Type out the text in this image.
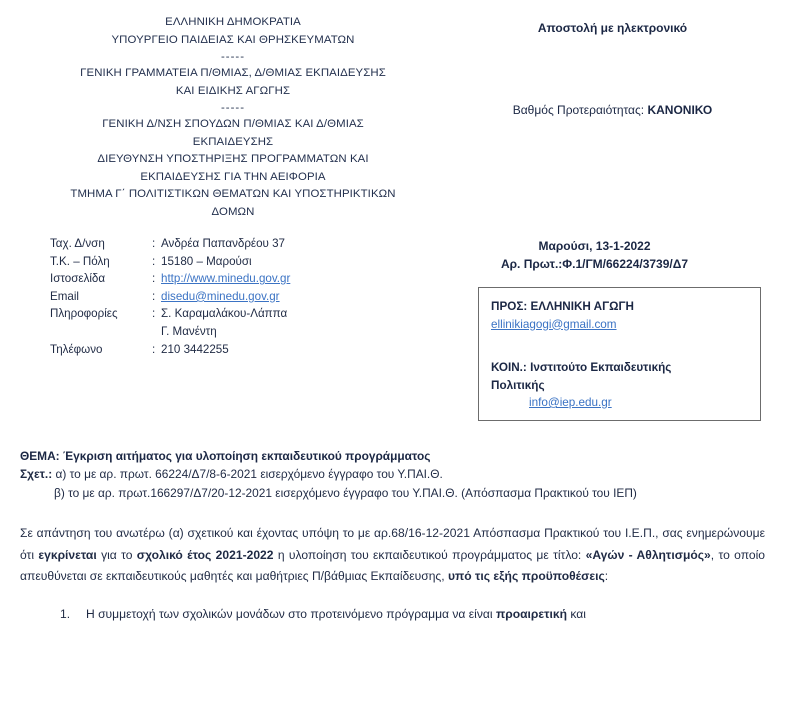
ΕΛΛΗΝΙΚΗ ΔΗΜΟΚΡΑΤΙΑ
ΥΠΟΥΡΓΕΙΟ ΠΑΙΔΕΙΑΣ ΚΑΙ ΘΡΗΣΚΕΥΜΑΤΩΝ
-----
ΓΕΝΙΚΗ ΓΡΑΜΜΑΤΕΙΑ Π/ΘΜΙΑΣ, Δ/ΘΜΙΑΣ ΕΚΠΑΙΔΕΥΣΗΣ
ΚΑΙ ΕΙΔΙΚΗΣ ΑΓΩΓΗΣ
-----
ΓΕΝΙΚΗ Δ/ΝΣΗ ΣΠΟΥΔΩΝ Π/ΘΜΙΑΣ ΚΑΙ Δ/ΘΜΙΑΣ
ΕΚΠΑΙΔΕΥΣΗΣ
ΔΙΕΥΘΥΝΣΗ ΥΠΟΣΤΗΡΙΞΗΣ ΠΡΟΓΡΑΜΜΑΤΩΝ ΚΑΙ
ΕΚΠΑΙΔΕΥΣΗΣ ΓΙΑ ΤΗΝ ΑΕΙΦΟΡΙΑ
ΤΜΗΜΑ Γ΄ ΠΟΛΙΤΙΣΤΙΚΩΝ ΘΕΜΑΤΩΝ ΚΑΙ ΥΠΟΣΤΗΡΙΚΤΙΚΩΝ
ΔΟΜΩΝ
Αποστολή με ηλεκτρονικό
Βαθμός Προτεραιότητας: ΚΑΝΟΝΙΚΟ
Ταχ. Δ/νση	: Ανδρέα Παπανδρέου 37
Τ.Κ. – Πόλη	: 15180 – Μαρούσι
Ιστοσελίδα	: http://www.minedu.gov.gr
Email	: disedu@minedu.gov.gr
Πληροφορίες	: Σ. Καραμαλάκου-Λάππα
Γ. Μανέντη
Τηλέφωνο	: 210 3442255
Μαρούσι, 13-1-2022
Αρ. Πρωτ.:Φ.1/ΓΜ/66224/3739/Δ7
ΠΡΟΣ: ΕΛΛΗΝΙΚΗ ΑΓΩΓΗ
ellinikiagogi@gmail.com
ΚΟΙΝ.: Ινστιτούτο Εκπαιδευτικής
Πολιτικής
info@iep.edu.gr
ΘΕΜΑ: Έγκριση αιτήματος για υλοποίηση εκπαιδευτικού προγράμματος
Σχετ.: α) το με αρ. πρωτ. 66224/Δ7/8-6-2021 εισερχόμενο έγγραφο του Υ.ΠΑΙ.Θ.
β) το με αρ. πρωτ.166297/Δ7/20-12-2021 εισερχόμενο έγγραφο του Υ.ΠΑΙ.Θ. (Απόσπασμα Πρακτικού του ΙΕΠ)
Σε απάντηση του ανωτέρω (α) σχετικού και έχοντας υπόψη το με αρ.68/16-12-2021 Απόσπασμα Πρακτικού του Ι.Ε.Π., σας ενημερώνουμε ότι εγκρίνεται για το σχολικό έτος 2021-2022 η υλοποίηση του εκπαιδευτικού προγράμματος με τίτλο: «Αγών - Αθλητισμός», το οποίο απευθύνεται σε εκπαιδευτικούς μαθητές και μαθήτριες Π/βάθμιας Εκπαίδευσης, υπό τις εξής προϋποθέσεις:
1.	Η συμμετοχή των σχολικών μονάδων στο προτεινόμενο πρόγραμμα να είναι προαιρετική και
